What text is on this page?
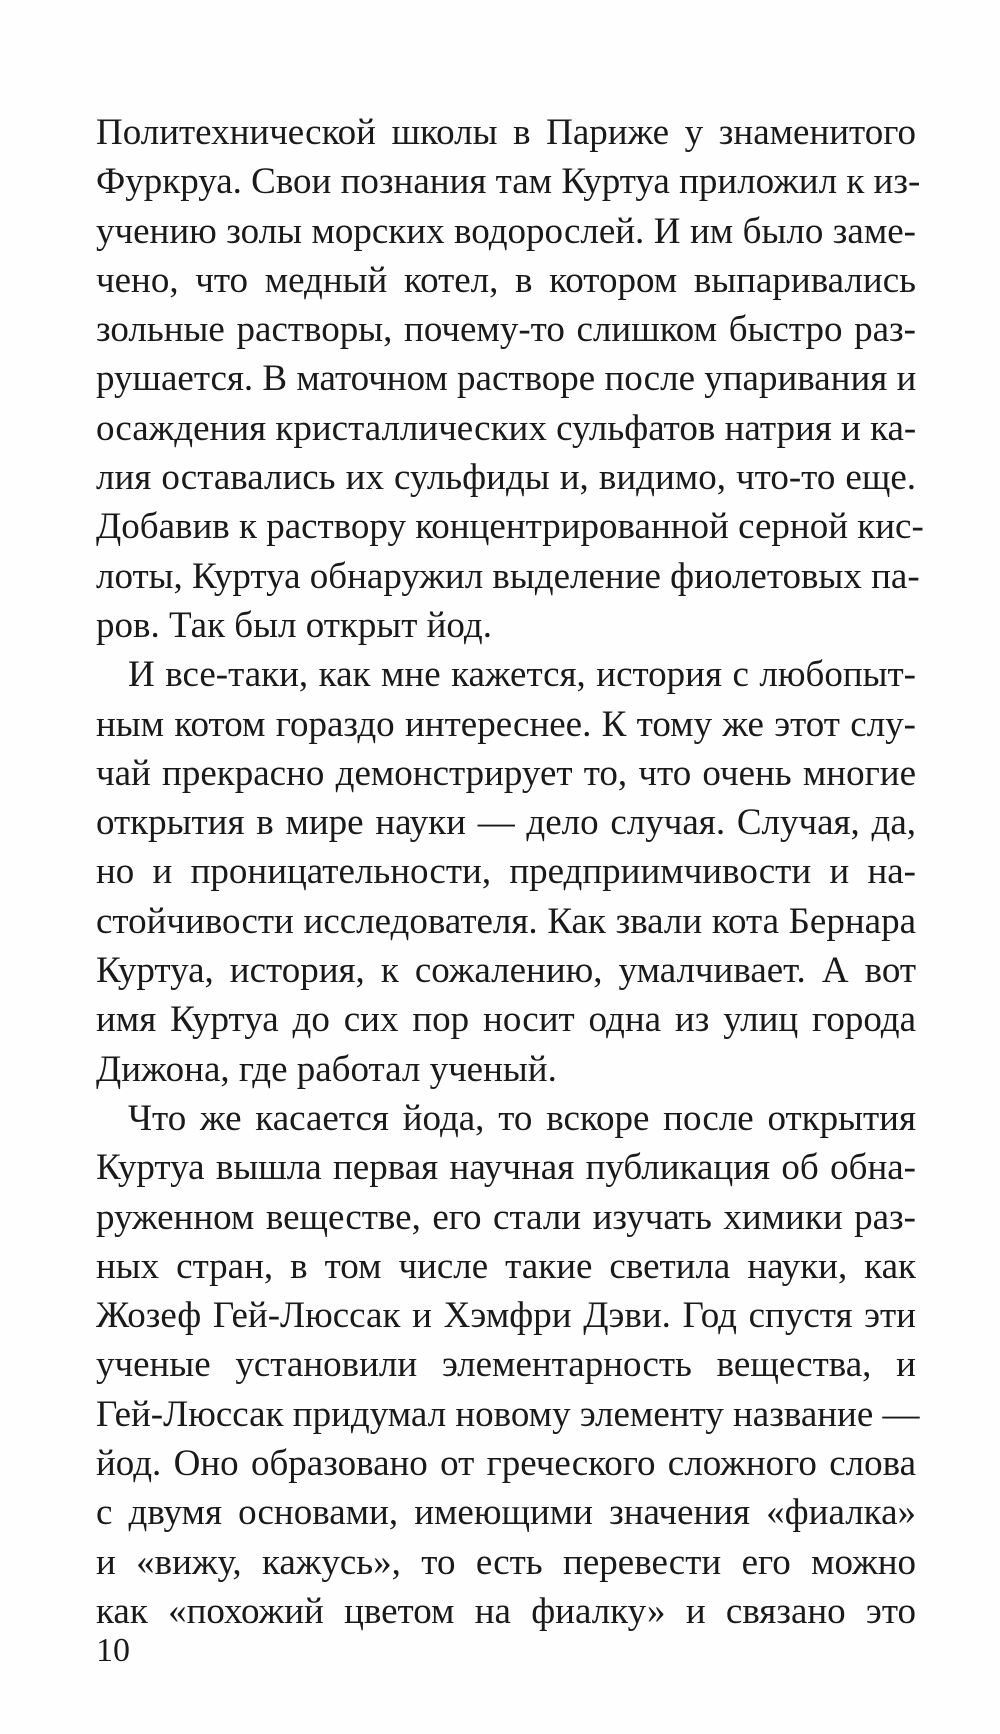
Политехнической школы в Париже у знаменитого
Фуркруа. Свои познания там Куртуа приложил к из-
учению золы морских водорослей. И им было заме-
чено, что медный котел, в котором выпаривались
зольные растворы, почему-то слишком быстро раз-
рушается. В маточном растворе после упаривания и
осаждения кристаллических сульфатов натрия и ка-
лия оставались их сульфиды и, видимо, что-то еще.
Добавив к раствору концентрированной серной кис-
лоты, Куртуа обнаружил выделение фиолетовых па-
ров. Так был открыт йод.
И все-таки, как мне кажется, история с любопыт-
ным котом гораздо интереснее. К тому же этот слу-
чай прекрасно демонстрирует то, что очень многие
открытия в мире науки — дело случая. Случая, да,
но и проницательности, предприимчивости и на-
стойчивости исследователя. Как звали кота Бернара
Куртуа, история, к сожалению, умалчивает. А вот
имя Куртуа до сих пор носит одна из улиц города
Дижона, где работал ученый.
Что же касается йода, то вскоре после открытия
Куртуа вышла первая научная публикация об обна-
руженном веществе, его стали изучать химики раз-
ных стран, в том числе такие светила науки, как
Жозеф Гей-Люссак и Хэмфри Дэви. Год спустя эти
ученые установили элементарность вещества, и
Гей-Люссак придумал новому элементу название —
йод. Оно образовано от греческого сложного слова
с двумя основами, имеющими значения «фиалка»
и «вижу, кажусь», то есть перевести его можно
как «похожий цветом на фиалку» и связано это
10
